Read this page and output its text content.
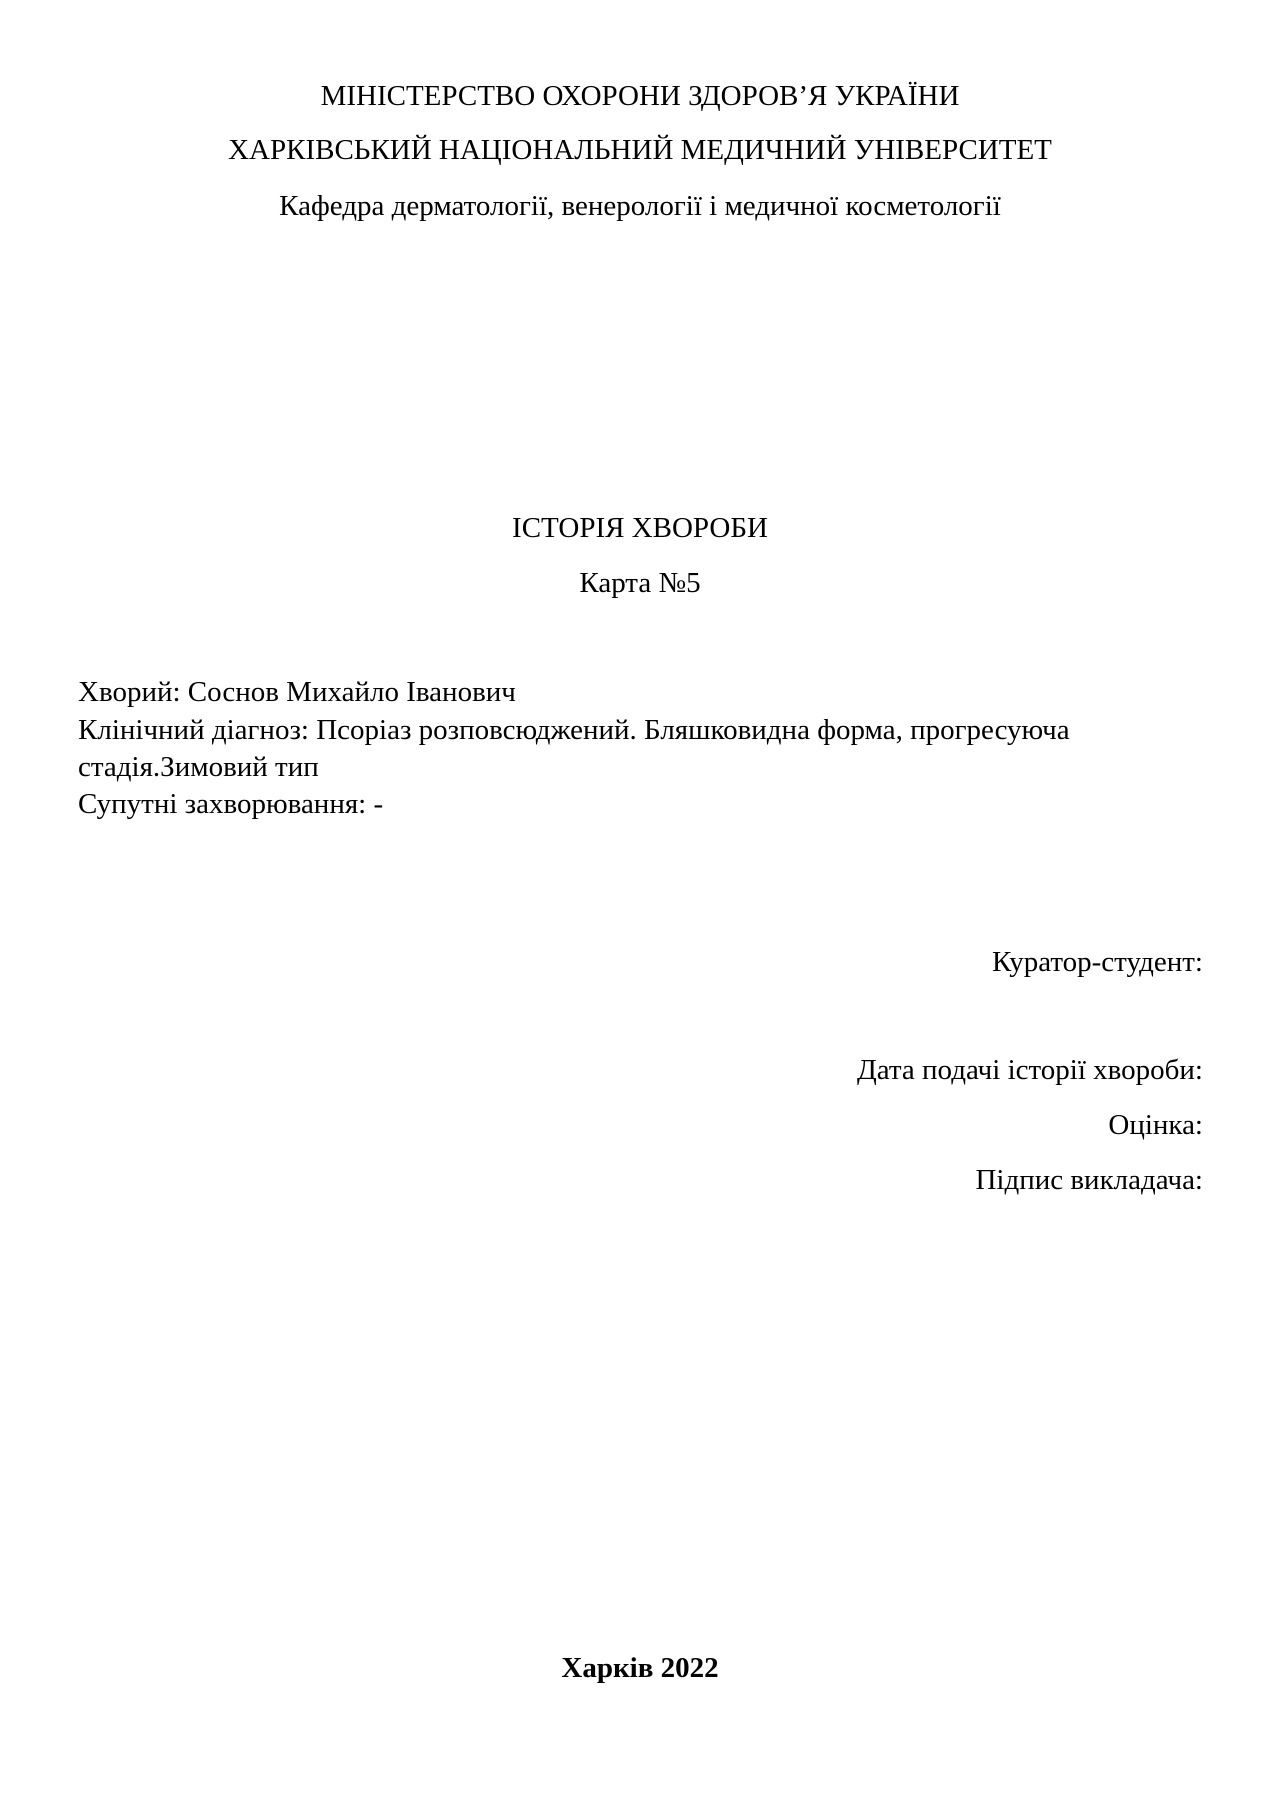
МІНІСТЕРСТВО ОХОРОНИ ЗДОРОВ’Я УКРАЇНИ
ХАРКІВСЬКИЙ НАЦІОНАЛЬНИЙ МЕДИЧНИЙ УНІВЕРСИТЕТ
Кафедра дерматології, венерології і медичної косметології
ІСТОРІЯ ХВОРОБИ
Карта №5
Хворий: Соснов Михайло Іванович
Клінічний діагноз: Псоріаз розповсюджений. Бляшковидна форма, прогресуюча
стадія.Зимовий тип
Супутні захворювання: -
Куратор-студент:
Дата подачі історії хвороби:
Оцінка:
Підпис викладача:
Харків 2022
